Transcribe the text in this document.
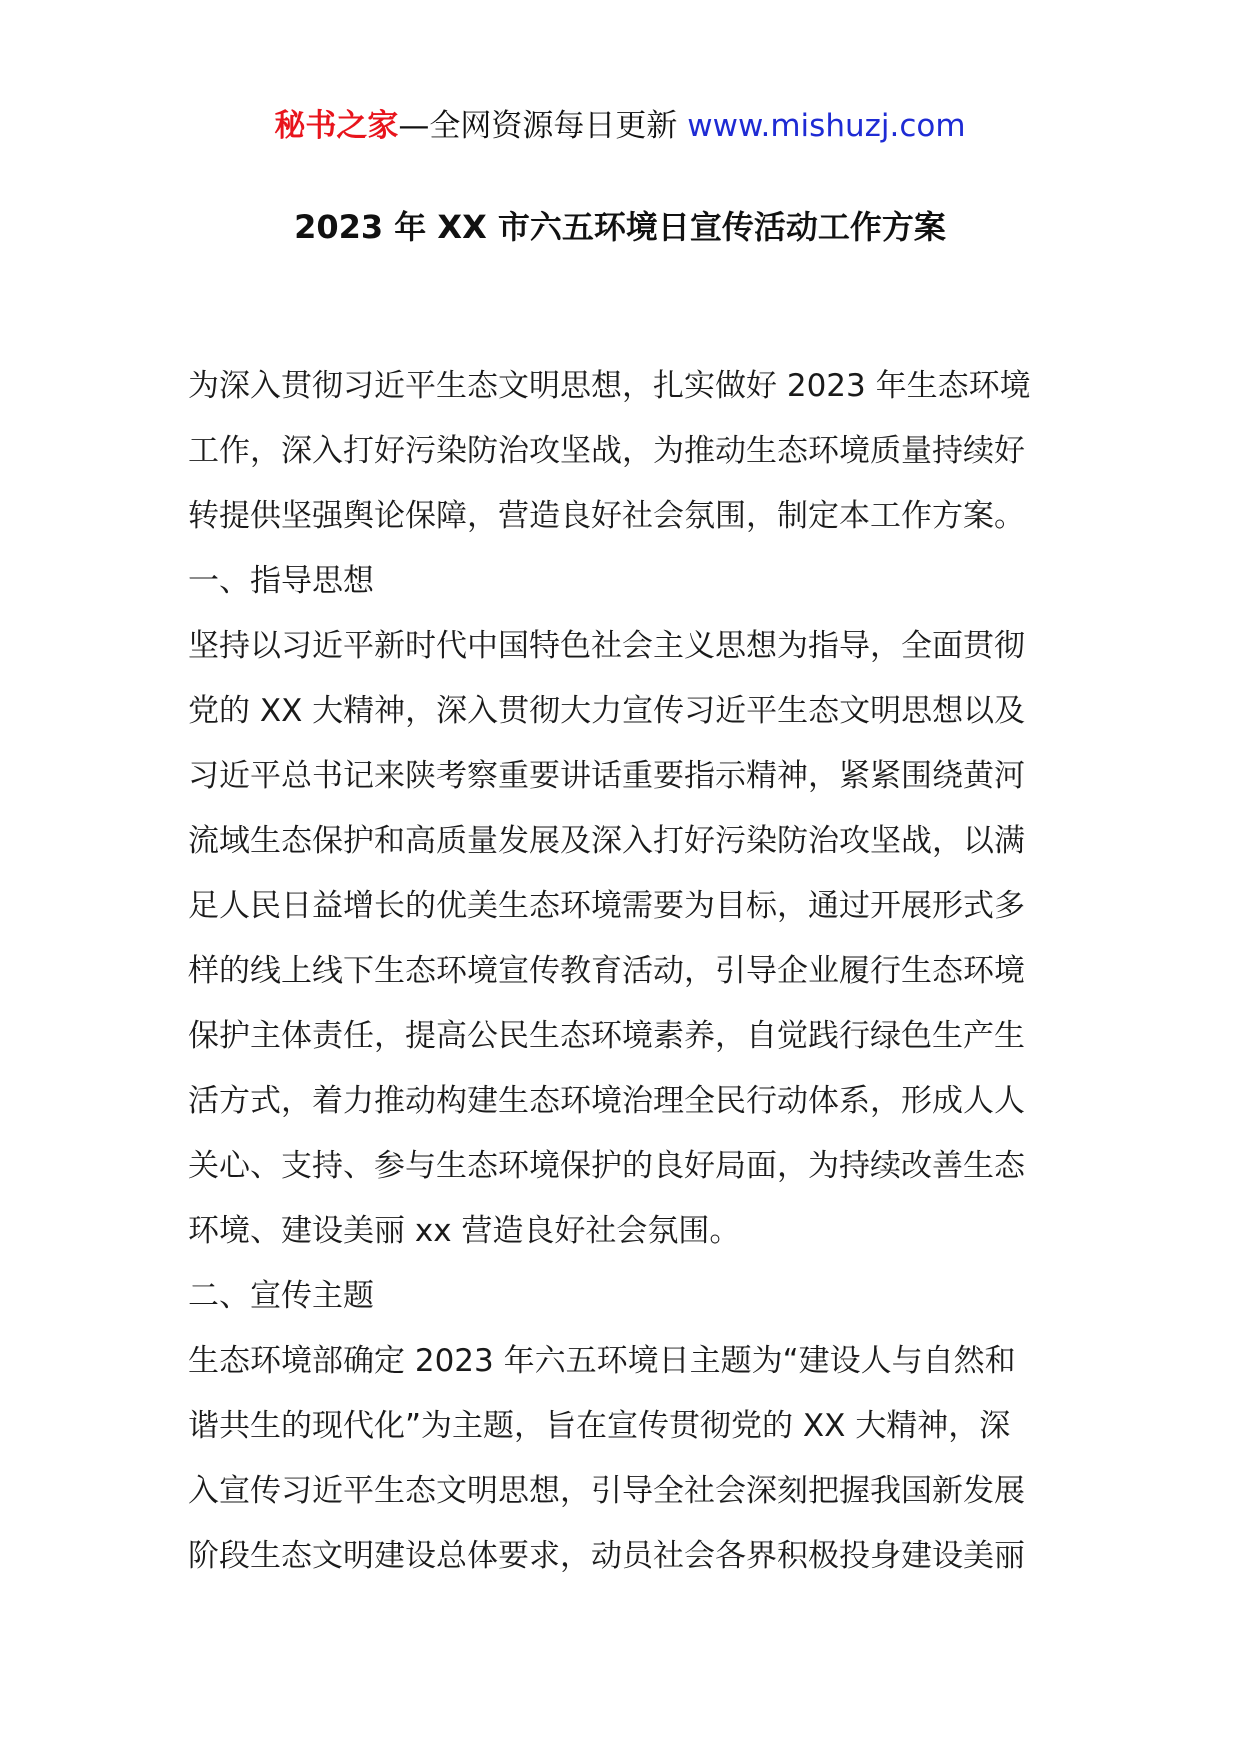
秘书之家—全网资源每日更新 www.mishuzj.com
2023 年 XX 市六五环境日宣传活动工作方案
为深入贯彻习近平生态文明思想，扎实做好 2023 年生态环境
工作，深入打好污染防治攻坚战，为推动生态环境质量持续好
转提供坚强舆论保障，营造良好社会氛围，制定本工作方案。
一、指导思想
坚持以习近平新时代中国特色社会主义思想为指导，全面贯彻
党的 XX 大精神，深入贯彻大力宣传习近平生态文明思想以及
习近平总书记来陕考察重要讲话重要指示精神，紧紧围绕黄河
流域生态保护和高质量发展及深入打好污染防治攻坚战，以满
足人民日益增长的优美生态环境需要为目标，通过开展形式多
样的线上线下生态环境宣传教育活动，引导企业履行生态环境
保护主体责任，提高公民生态环境素养，自觉践行绿色生产生
活方式，着力推动构建生态环境治理全民行动体系，形成人人
关心、支持、参与生态环境保护的良好局面，为持续改善生态
环境、建设美丽 xx 营造良好社会氛围。
二、宣传主题
生态环境部确定 2023 年六五环境日主题为“建设人与自然和
谐共生的现代化”为主题，旨在宣传贯彻党的 XX 大精神，深
入宣传习近平生态文明思想，引导全社会深刻把握我国新发展
阶段生态文明建设总体要求，动员社会各界积极投身建设美丽
